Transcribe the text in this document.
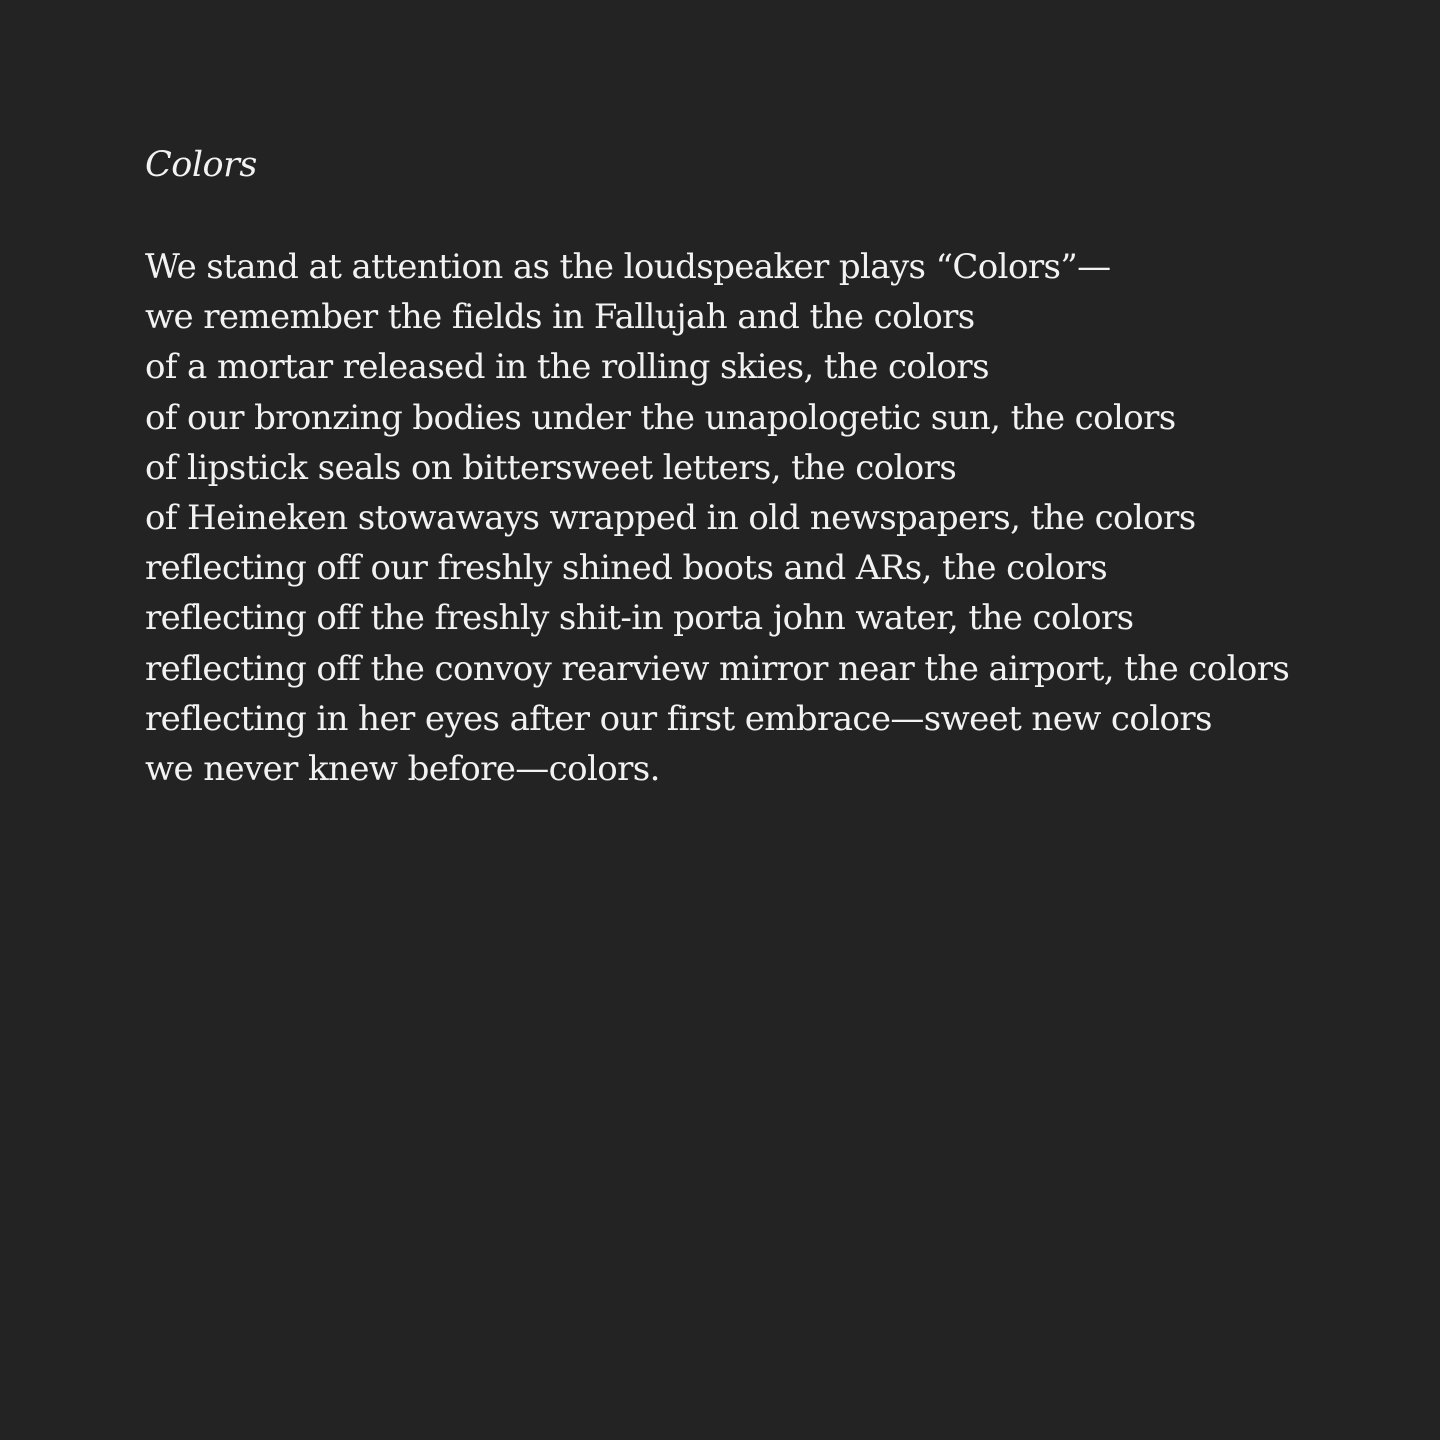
Colors
We stand at attention as the loudspeaker plays “Colors”—
we remember the fields in Fallujah and the colors
of a mortar released in the rolling skies, the colors
of our bronzing bodies under the unapologetic sun, the colors
of lipstick seals on bittersweet letters, the colors
of Heineken stowaways wrapped in old newspapers, the colors
reflecting off our freshly shined boots and ARs, the colors
reflecting off the freshly shit-in porta john water, the colors
reflecting off the convoy rearview mirror near the airport, the colors
reflecting in her eyes after our first embrace—sweet new colors
we never knew before—colors.
